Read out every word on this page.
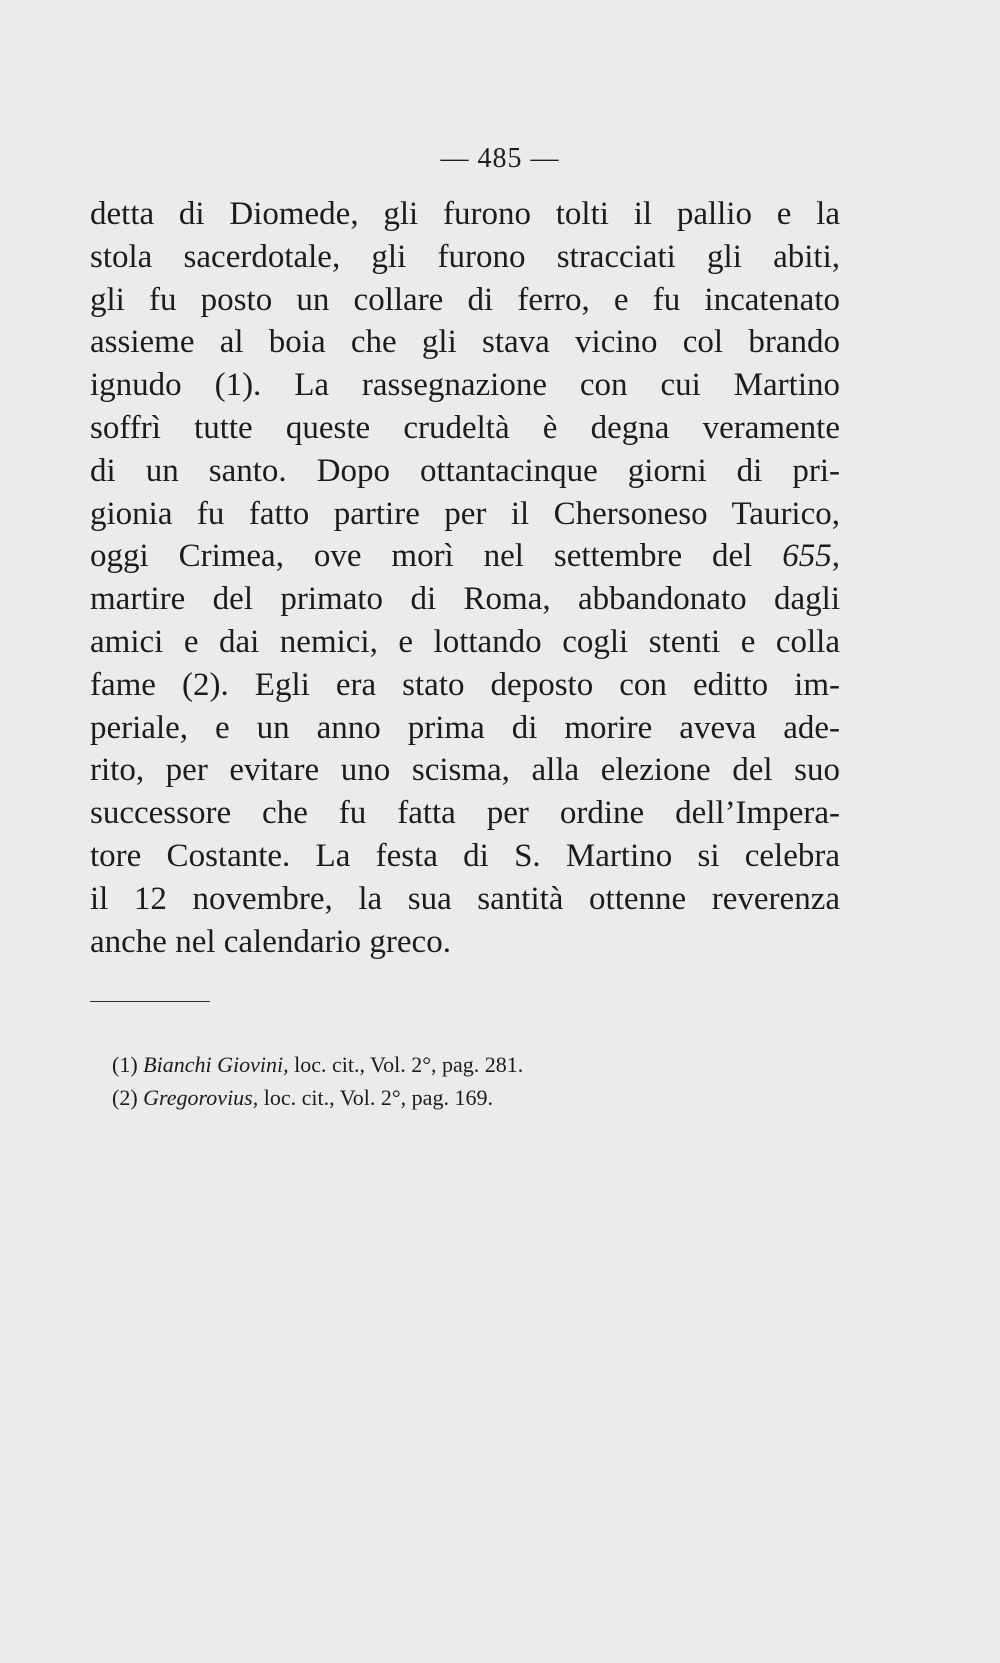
— 485 —
detta di Diomede, gli furono tolti il pallio e la
stola sacerdotale, gli furono stracciati gli abiti,
gli fu posto un collare di ferro, e fu incatenato
assieme al boia che gli stava vicino col brando
ignudo (1). La rassegnazione con cui Martino
soffrì tutte queste crudeltà è degna veramente
di un santo. Dopo ottantacinque giorni di pri-
gionia fu fatto partire per il Chersoneso Taurico,
oggi Crimea, ove morì nel settembre del 655,
martire del primato di Roma, abbandonato dagli
amici e dai nemici, e lottando cogli stenti e colla
fame (2). Egli era stato deposto con editto im-
periale, e un anno prima di morire aveva ade-
rito, per evitare uno scisma, alla elezione del suo
successore che fu fatta per ordine dell’Impera-
tore Costante. La festa di S. Martino si celebra
il 12 novembre, la sua santità ottenne reverenza
anche nel calendario greco.
(1) Bianchi Giovini, loc. cit., Vol. 2°, pag. 281.
(2) Gregorovius, loc. cit., Vol. 2°, pag. 169.
